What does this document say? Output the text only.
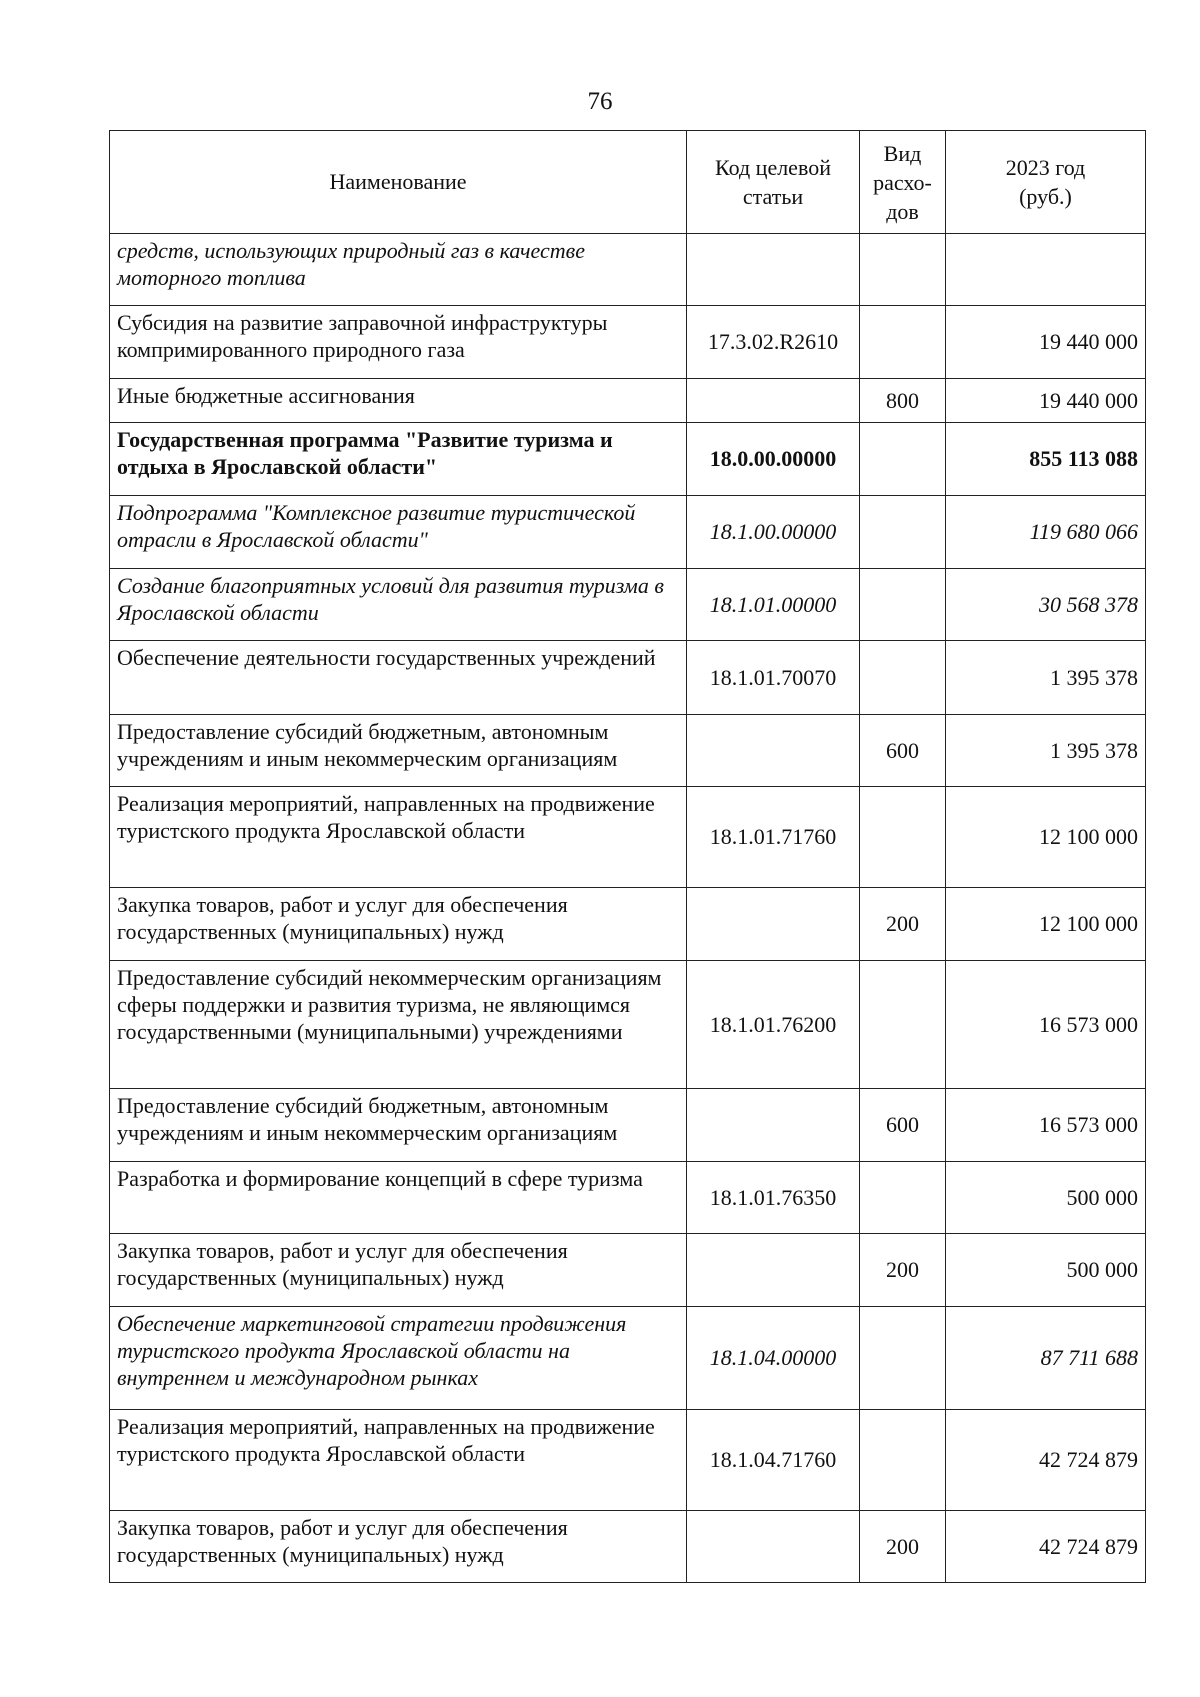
76
Наименование	Код целевой статьи	Вид расхо-дов	2023 год (руб.)
средств, использующих природный газ в качестве моторного топлива			
Субсидия на развитие заправочной инфраструктуры компримированного природного газа	17.3.02.R2610		19 440 000
Иные бюджетные ассигнования		800	19 440 000
Государственная программа "Развитие туризма и отдыха в Ярославской области"	18.0.00.00000		855 113 088
Подпрограмма "Комплексное развитие туристической отрасли в Ярославской области"	18.1.00.00000		119 680 066
Создание благоприятных условий для развития туризма в Ярославской области	18.1.01.00000		30 568 378
Обеспечение деятельности государственных учреждений	18.1.01.70070		1 395 378
Предоставление субсидий бюджетным, автономным учреждениям и иным некоммерческим организациям		600	1 395 378
Реализация мероприятий, направленных на продвижение туристского продукта Ярославской области	18.1.01.71760		12 100 000
Закупка товаров, работ и услуг для обеспечения государственных (муниципальных) нужд		200	12 100 000
Предоставление субсидий некоммерческим организациям сферы поддержки и развития туризма, не являющимся государственными (муниципальными) учреждениями	18.1.01.76200		16 573 000
Предоставление субсидий бюджетным, автономным учреждениям и иным некоммерческим организациям		600	16 573 000
Разработка и формирование концепций в сфере туризма	18.1.01.76350		500 000
Закупка товаров, работ и услуг для обеспечения государственных (муниципальных) нужд		200	500 000
Обеспечение маркетинговой стратегии продвижения туристского продукта Ярославской области на внутреннем и международном рынках	18.1.04.00000		87 711 688
Реализация мероприятий, направленных на продвижение туристского продукта Ярославской области	18.1.04.71760		42 724 879
Закупка товаров, работ и услуг для обеспечения государственных (муниципальных) нужд		200	42 724 879
